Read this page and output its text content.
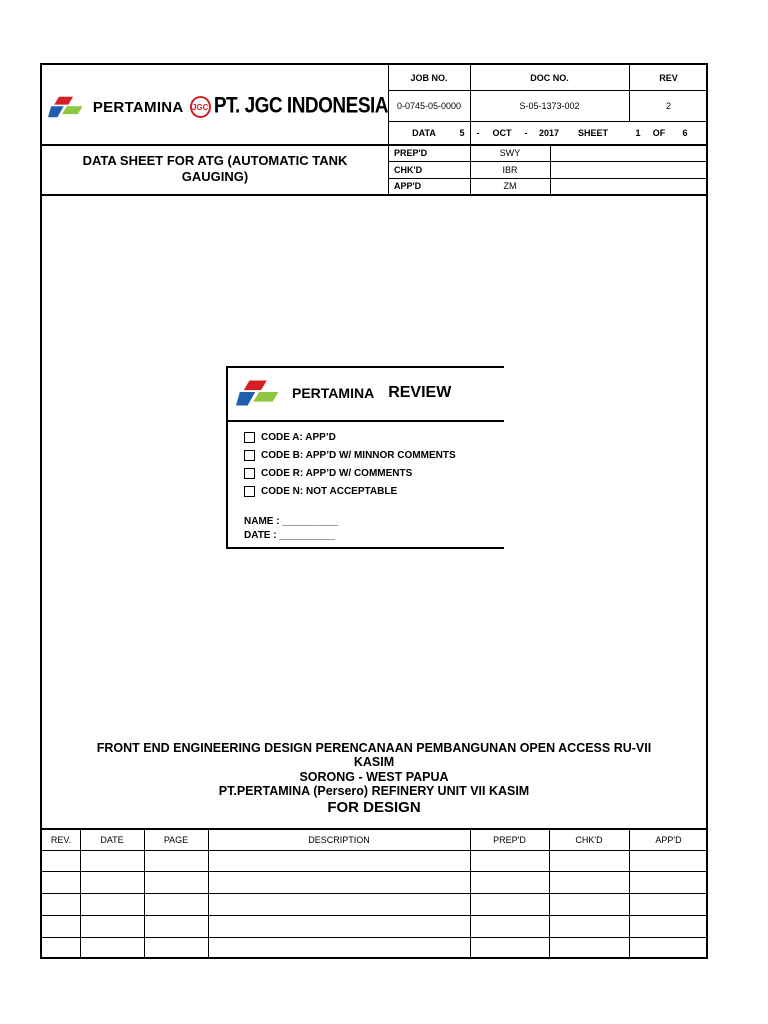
PERTAMINA	JGC PT. JGC INDONESIA
JOB NO.	DOC NO.	REV
0-0745-05-0000	S-05-1373-002	2
DATA	5	-	OCT	-	2017	SHEET	1	OF	6
DATA SHEET FOR ATG (AUTOMATIC TANK GAUGING)
PREP'D	SWY
CHK'D	IBR
APP'D	ZM
PERTAMINA REVIEW
CODE A: APP’D
CODE B: APP’D W/ MINNOR COMMENTS
CODE R: APP’D W/ COMMENTS
CODE N: NOT ACCEPTABLE
NAME : __________
DATE : __________
FRONT END ENGINEERING DESIGN PERENCANAAN PEMBANGUNAN OPEN ACCESS RU-VII
KASIM
SORONG - WEST PAPUA
PT.PERTAMINA (Persero) REFINERY UNIT VII KASIM
FOR DESIGN
REV.	DATE	PAGE	DESCRIPTION	PREP'D	CHK'D	APP'D
